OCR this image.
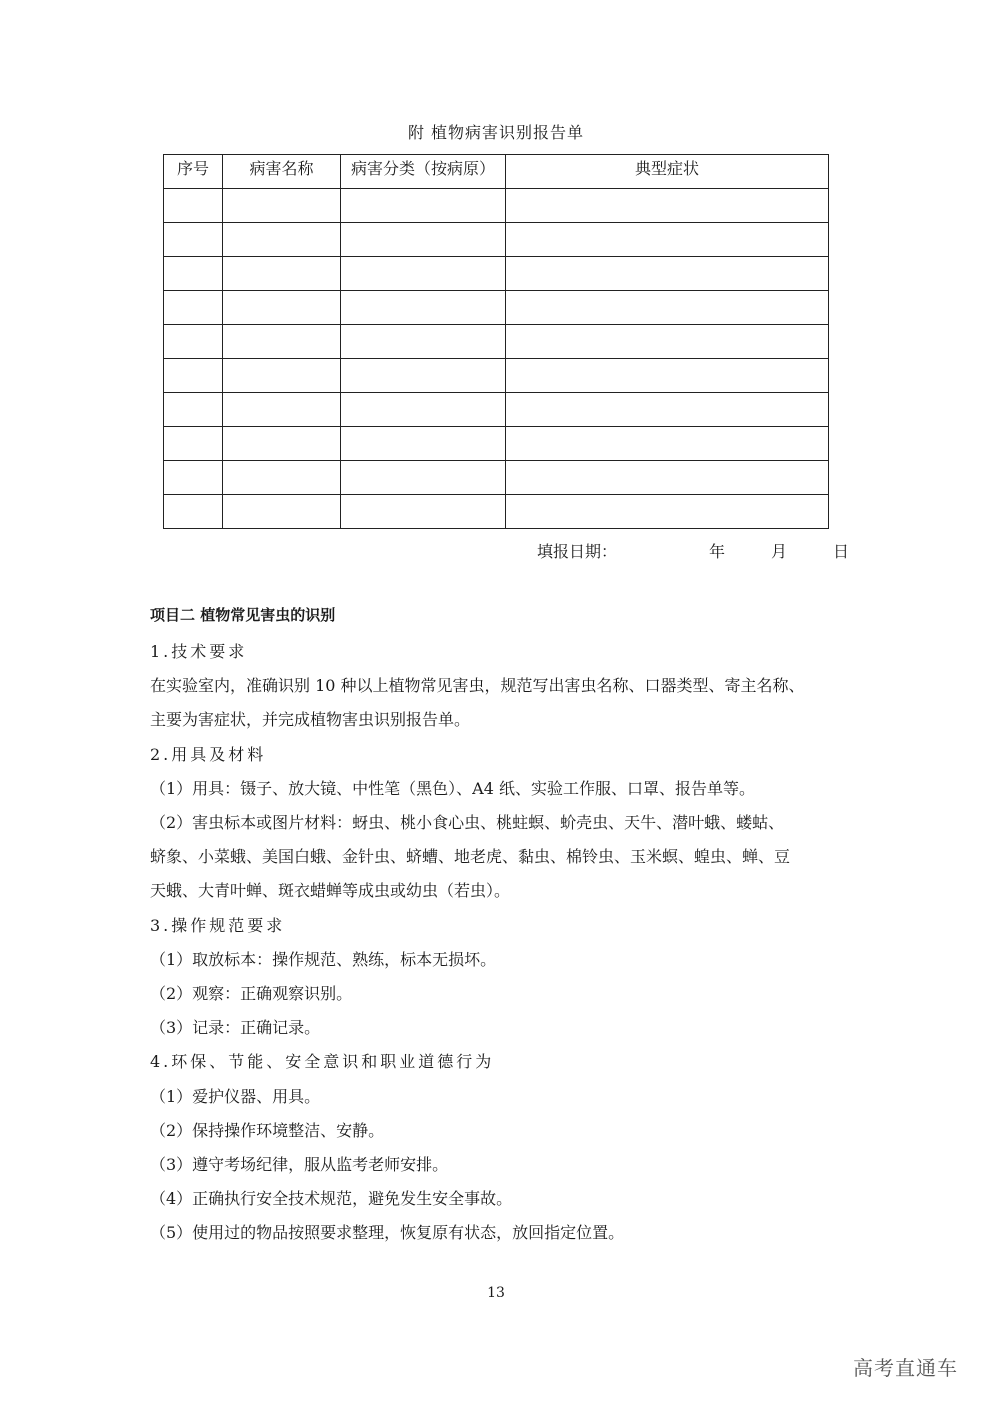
附 植物病害识别报告单
序号	病害名称	病害分类（按病原）	典型症状

填报日期：	年	月	日
项目二 植物常见害虫的识别
1.技术要求
在实验室内，准确识别 10 种以上植物常见害虫，规范写出害虫名称、口器类型、寄主名称、
主要为害症状，并完成植物害虫识别报告单。
2.用具及材料
（1）用具：镊子、放大镜、中性笔（黑色）、A4 纸、实验工作服、口罩、报告单等。
（2）害虫标本或图片材料：蚜虫、桃小食心虫、桃蛀螟、蚧壳虫、天牛、潜叶蛾、蝼蛄、
蛴象、小菜蛾、美国白蛾、金针虫、蛴螬、地老虎、黏虫、棉铃虫、玉米螟、蝗虫、蝉、豆
天蛾、大青叶蝉、斑衣蜡蝉等成虫或幼虫（若虫）。
3.操作规范要求
（1）取放标本：操作规范、熟练，标本无损坏。
（2）观察：正确观察识别。
（3）记录：正确记录。
4.环保、节能、安全意识和职业道德行为
（1）爱护仪器、用具。
（2）保持操作环境整洁、安静。
（3）遵守考场纪律，服从监考老师安排。
（4）正确执行安全技术规范，避免发生安全事故。
（5）使用过的物品按照要求整理，恢复原有状态，放回指定位置。
13
高考直通车
